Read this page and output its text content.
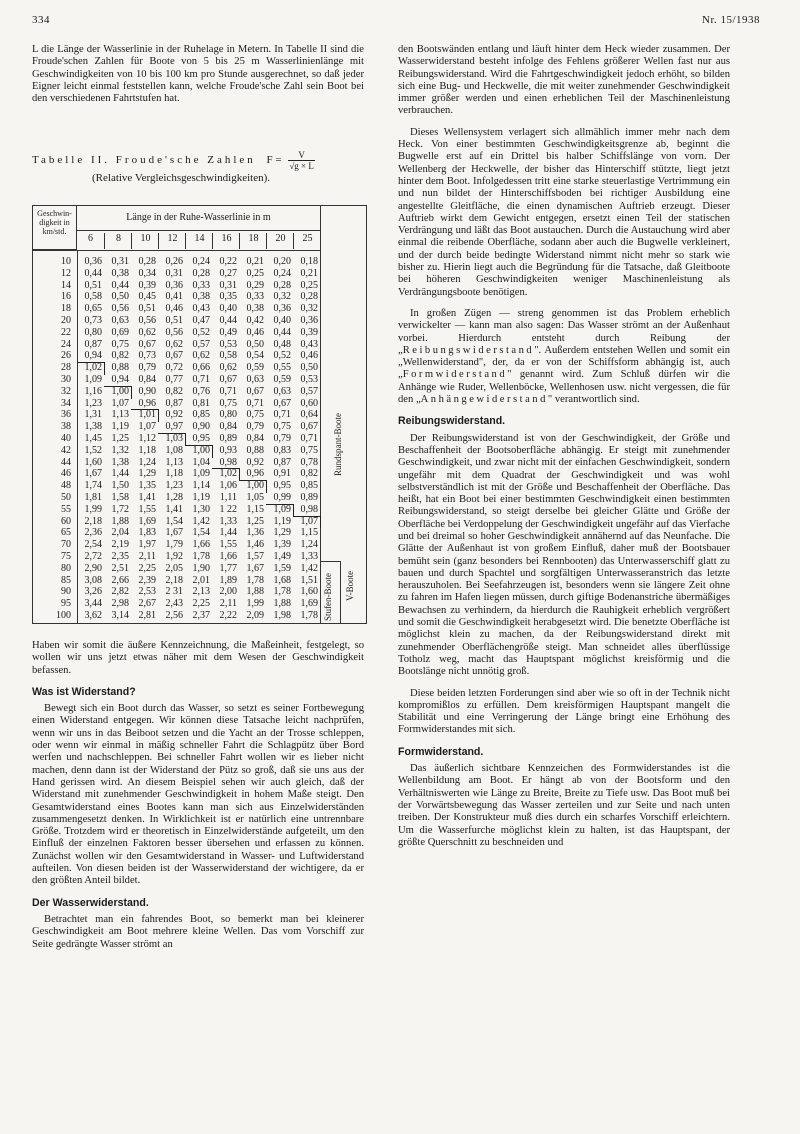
334	Nr. 15/1938

L die Länge der Wasserlinie in der Ruhelage in Metern. In Tabelle II sind die Froude'schen Zahlen für Boote von 5 bis 25 m Wasserlinienlänge mit Geschwindigkeiten von 10 bis 100 km pro Stunde ausgerechnet, so daß jeder Eigner leicht einmal feststellen kann, welche Froude'sche Zahl sein Boot bei den verschiedenen Fahrtstufen hat.

Tabelle II. Froude'sche Zahlen $F = \frac{V}{√g \times L}$
(Relative Vergleichsgeschwindigkeiten).
Geschwin-digkeit in km/std.
Länge in der Ruhe-Wasserlinie in m
6	8	10	12	14	16	18	20	25
10	0,36 0,31 0,28 0,26 0,24 0,22 0,21 0,20 0,18
12	0,44 0,38 0,34 0,31 0,28 0,27 0,25 0,24 0,21
14	0,51 0,44 0,39 0,36 0,33 0,31 0,29 0,28 0,25
16	0,58 0,50 0,45 0,41 0,38 0,35 0,33 0,32 0,28
18	0,65 0,56 0,51 0,46 0,43 0,40 0,38 0,36 0,32
20	0,73 0,63 0,56 0,51 0,47 0,44 0,42 0,40 0,36
22	0,80 0,69 0,62 0,56 0,52 0,49 0,46 0,44 0,39
24	0,87 0,75 0,67 0,62 0,57 0,53 0,50 0,48 0,43
26	0,94 0,82 0,73 0,67 0,62 0,58 0,54 0,52 0,46
28	1,02 0,88 0,79 0,72 0,66 0,62 0,59 0,55 0,50
30	1,09 0,94 0,84 0,77 0,71 0,67 0,63 0,59 0,53
32	1,16 1,00 0,90 0,82 0,76 0,71 0,67 0,63 0,57
34	1,23 1,07 0,96 0,87 0,81 0,75 0,71 0,67 0,60
36	1,31 1,13 1,01 0,92 0,85 0,80 0,75 0,71 0,64
38	1,38 1,19 1,07 0,97 0,90 0,84 0,79 0,75 0,67
40	1,45 1,25 1,12 1,03 0,95 0,89 0,84 0,79 0,71
42	1,52 1,32 1,18 1,08 1,00 0,93 0,88 0,83 0,75
44	1,60 1,38 1,24 1,13 1,04 0,98 0,92 0,87 0,78
46	1,67 1,44 1,29 1,18 1,09 1,02 0,96 0,91 0,82
48	1,74 1,50 1,35 1,23 1,14 1,06 1,00 0,95 0,85
50	1,81 1,58 1,41 1,28 1,19 1,11 1,05 0,99 0,89
55	1,99 1,72 1,55 1,41 1,30 1 22 1,15 1,09 0,98
60	2,18 1,88 1,69 1,54 1,42 1,33 1,25 1,19 1,07
65	2,36 2,04 1,83 1,67 1,54 1,44 1,36 1,29 1,15
70	2,54 2,19 1,97 1,79 1,66 1,55 1,46 1,39 1,24
75	2,72 2,35 2,11 1,92 1,78 1,66 1,57 1,49 1,33
80	2,90 2,51 2,25 2,05 1,90 1,77 1,67 1,59 1,42
85	3,08 2,66 2,39 2,18 2,01 1,89 1,78 1,68 1,51
90	3,26 2,82 2,53 2 31 2,13 2,00 1,88 1,78 1,60
95	3,44 2,98 2,67 2,43 2,25 2,11 1,99 1,88 1,69
100	3,62 3,14 2,81 2,56 2,37 2,22 2,09 1,98 1,78
Rundspant-Boote
V-Boote
Stufen-Boote

Haben wir somit die äußere Kennzeichnung, die Maßeinheit, festgelegt, so wollen wir uns jetzt etwas näher mit dem Wesen der Geschwindigkeit befassen.

Was ist Widerstand?

Bewegt sich ein Boot durch das Wasser, so setzt es seiner Fortbewegung einen Widerstand entgegen. Wir können diese Tatsache leicht nachprüfen, wenn wir uns in das Beiboot setzen und die Yacht an der Trosse schleppen, oder wenn wir einmal in mäßig schneller Fahrt die Schlagpütz über Bord werfen und nachschleppen. Bei schneller Fahrt wollen wir es lieber nicht machen, denn dann ist der Widerstand der Pütz so groß, daß sie uns aus der Hand gerissen wird. An diesem Beispiel sehen wir auch gleich, daß der Widerstand mit zunehmender Geschwindigkeit in hohem Maße steigt. Den Gesamtwiderstand eines Bootes kann man sich aus Einzelwiderständen zusammengesetzt denken. In Wirklichkeit ist er natürlich eine untrennbare Größe. Trotzdem wird er theoretisch in Einzelwiderstände aufgeteilt, um den Einfluß der einzelnen Faktoren besser übersehen und erfassen zu können. Zunächst wollen wir den Gesamtwiderstand in Wasser- und Luftwiderstand aufteilen. Von diesen beiden ist der Wasserwiderstand der wichtigere, da er den größten Anteil bildet.

Der Wasserwiderstand.

Betrachtet man ein fahrendes Boot, so bemerkt man bei kleinerer Geschwindigkeit am Boot mehrere kleine Wellen. Das vom Vorschiff zur Seite gedrängte Wasser strömt an

den Bootswänden entlang und läuft hinter dem Heck wieder zusammen. Der Wasserwiderstand besteht infolge des Fehlens größerer Wellen fast nur aus Reibungswiderstand. Wird die Fahrtgeschwindigkeit jedoch erhöht, so bilden sich eine Bug- und Heckwelle, die mit weiter zunehmender Geschwindigkeit immer größer werden und einen erheblichen Teil der Maschinenleistung verbrauchen.

Dieses Wellensystem verlagert sich allmählich immer mehr nach dem Heck. Von einer bestimmten Geschwindigkeitsgrenze ab, beginnt die Bugwelle erst auf ein Drittel bis halber Schiffslänge von vorn. Der Wellenberg der Heckwelle, der bisher das Hinterschiff stützte, liegt jetzt hinter dem Boot. Infolgedessen tritt eine starke steuerlastige Vertrimmung ein und nun bildet der Hinterschiffsboden bei richtiger Ausbildung eine angestellte Gleitfläche, die einen dynamischen Auftrieb erzeugt. Dieser Auftrieb wirkt dem Gewicht entgegen, ersetzt einen Teil der statischen Verdrängung und läßt das Boot austauchen. Durch die Austauchung wird aber einmal die reibende Oberfläche, sodann aber auch die Bugwelle verkleinert, und der durch beide bedingte Widerstand nimmt nicht mehr so stark wie bisher zu. Hierin liegt auch die Begründung für die Tatsache, daß Gleitboote bei höheren Geschwindigkeiten weniger Maschinenleistung als Verdrängungsboote benötigen.

In großen Zügen — streng genommen ist das Problem erheblich verwickelter — kann man also sagen: Das Wasser strömt an der Außenhaut vorbei. Hierdurch entsteht durch Reibung der „Reibungswiderstand". Außerdem entstehen Wellen und somit ein „Wellenwiderstand", der, da er von der Schiffsform abhängig ist, auch „Formwiderstand" genannt wird. Zum Schluß dürfen wir die Anhänge wie Ruder, Wellenböcke, Wellenhosen usw. nicht vergessen, die für den „Anhängewiderstand" verantwortlich sind.

Reibungswiderstand.

Der Reibungswiderstand ist von der Geschwindigkeit, der Größe und Beschaffenheit der Bootsoberfläche abhängig. Er steigt mit zunehmender Geschwindigkeit, und zwar nicht mit der einfachen Geschwindigkeit, sondern ungefähr mit dem Quadrat der Geschwindigkeit und was wohl selbstverständlich ist mit der Größe und Beschaffenheit der Oberfläche. Das heißt, hat ein Boot bei einer bestimmten Geschwindigkeit einen bestimmten Reibungswiderstand, so steigt derselbe bei gleicher Glätte und Größe der Oberfläche bei Verdoppelung der Geschwindigkeit ungefähr auf das Vierfache und bei dreimal so hoher Geschwindigkeit annähernd auf das Neunfache. Die Glätte der Außenhaut ist von großem Einfluß, daher muß der Bootsbauer bemüht sein (ganz besonders bei Rennbooten) das Unterwasserschiff glatt zu bauen und durch Spachtel und sorgfältigen Unterwasseranstrich das letzte herauszuholen. Bei Seefahrzeugen ist, besonders wenn sie längere Zeit ohne zu fahren im Hafen liegen müssen, durch giftige Bodenanstriche übermäßiges Bewachsen zu verhindern, da hierdurch die Rauhigkeit erheblich vergrößert und somit die Geschwindigkeit herabgesetzt wird. Die benetzte Oberfläche ist möglichst klein zu machen, da der Reibungswiderstand direkt mit zunehmender Oberflächengröße steigt. Man schneidet alles überflüssige Totholz weg, macht das Hauptspant möglichst kreisförmig und die Bootslänge nicht unnötig groß.

Diese beiden letzten Forderungen sind aber wie so oft in der Technik nicht kompromißlos zu erfüllen. Dem kreisförmigen Hauptspant mangelt die Stabilität und eine Verringerung der Länge bringt eine Erhöhung des Formwiderstandes mit sich.

Formwiderstand.

Das äußerlich sichtbare Kennzeichen des Formwiderstandes ist die Wellenbildung am Boot. Er hängt ab von der Bootsform und den Verhältniswerten wie Länge zu Breite, Breite zu Tiefe usw. Das Boot muß bei der Vorwärtsbewegung das Wasser zerteilen und zur Seite und nach unten treiben. Der Konstrukteur muß dies durch ein scharfes Vorschiff erleichtern. Um die Wasserfurche möglichst klein zu halten, ist das Hauptspant, der größte Querschnitt zu beschneiden und
